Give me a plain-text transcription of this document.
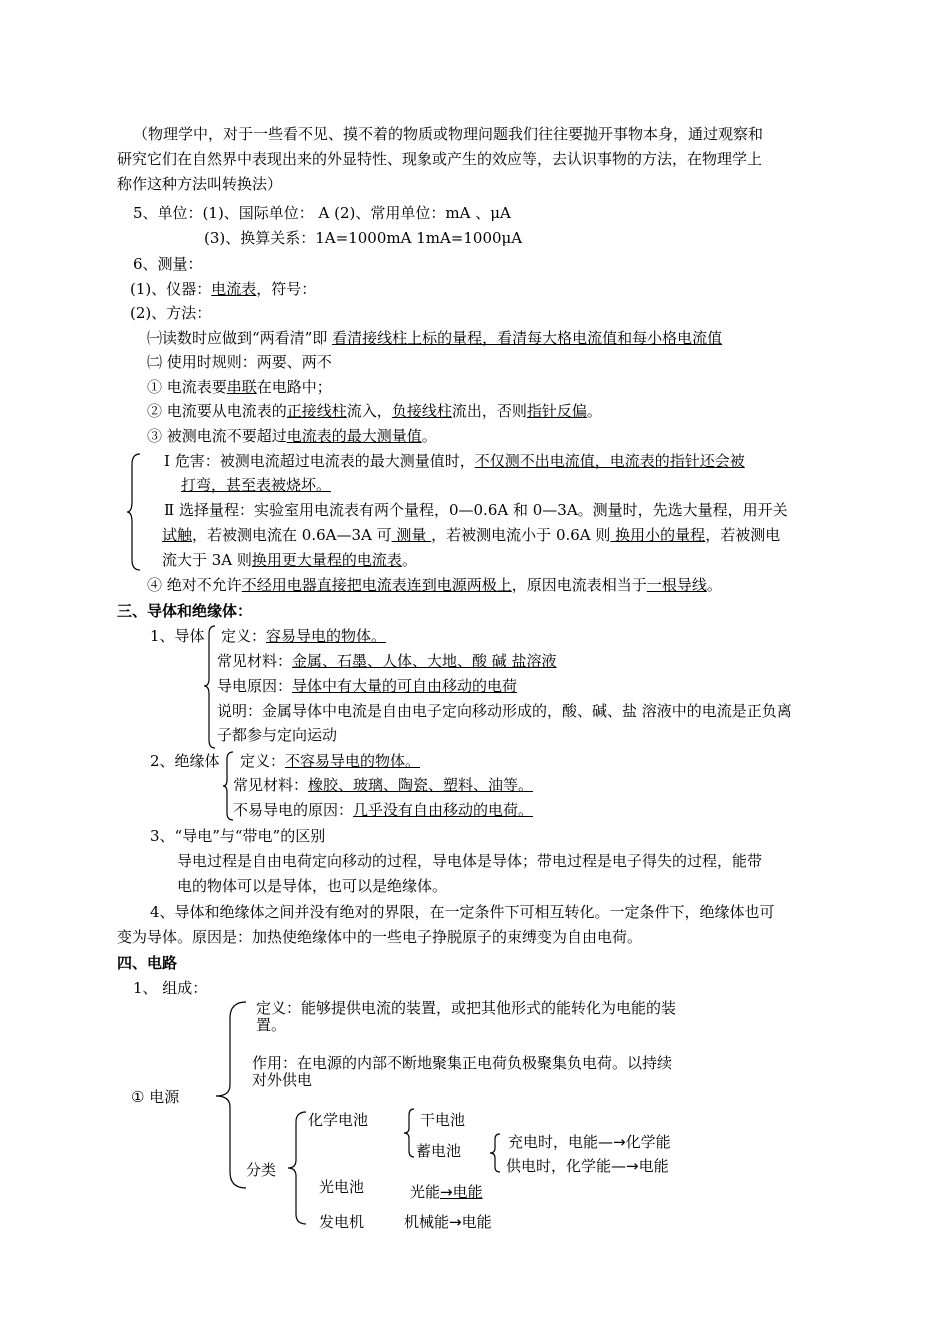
（物理学中，对于一些看不见、摸不着的物质或物理问题我们往往要抛开事物本身，通过观察和
研究它们在自然界中表现出来的外显特性、现象或产生的效应等，去认识事物的方法，在物理学上
称作这种方法叫转换法）
5、单位：(1)、国际单位： A (2)、常用单位：mA 、μA
(3)、换算关系：1A=1000mA 1mA=1000μA
6、测量：
(1)、仪器：电流表，符号：
(2)、方法：
㈠读数时应做到“两看清”即 看清接线柱上标的量程，看清每大格电流值和每小格电流值
㈡ 使用时规则：两要、两不
① 电流表要串联在电路中；
② 电流要从电流表的正接线柱流入，负接线柱流出，否则指针反偏。
③ 被测电流不要超过电流表的最大测量值。
Ⅰ 危害：被测电流超过电流表的最大测量值时，不仅测不出电流值，电流表的指针还会被
打弯，甚至表被烧坏。
Ⅱ 选择量程：实验室用电流表有两个量程，0—0.6A 和 0—3A。测量时，先选大量程，用开关
试触，若被测电流在 0.6A—3A 可 测量 ，若被测电流小于 0.6A 则 换用小的量程，若被测电
流大于 3A 则换用更大量程的电流表。
④ 绝对不允许不经用电器直接把电流表连到电源两极上，原因电流表相当于一根导线。
三、导体和绝缘体：
1、导体 定义：容易导电的物体。
常见材料：金属、石墨、人体、大地、酸 碱 盐溶液
导电原因：导体中有大量的可自由移动的电荷
说明：金属导体中电流是自由电子定向移动形成的，酸、碱、盐 溶液中的电流是正负离
子都参与定向运动
2、绝缘体 定义：不容易导电的物体。
常见材料：橡胶、玻璃、陶瓷、塑料、油等。
不易导电的原因：几乎没有自由移动的电荷。
3、“导电”与“带电”的区别
导电过程是自由电荷定向移动的过程，导电体是导体；带电过程是电子得失的过程，能带
电的物体可以是导体，也可以是绝缘体。
4、导体和绝缘体之间并没有绝对的界限，在一定条件下可相互转化。一定条件下，绝缘体也可
变为导体。原因是：加热使绝缘体中的一些电子挣脱原子的束缚变为自由电荷。
四、电路
1、 组成：
① 电源
定义：能够提供电流的装置，或把其他形式的能转化为电能的装
置。
作用：在电源的内部不断地聚集正电荷负极聚集负电荷。以持续
对外供电
分类
化学电池	干电池
蓄电池	充电时，电能—→化学能
供电时，化学能—→电能
光电池	光能→电能
发电机	机械能→电能
